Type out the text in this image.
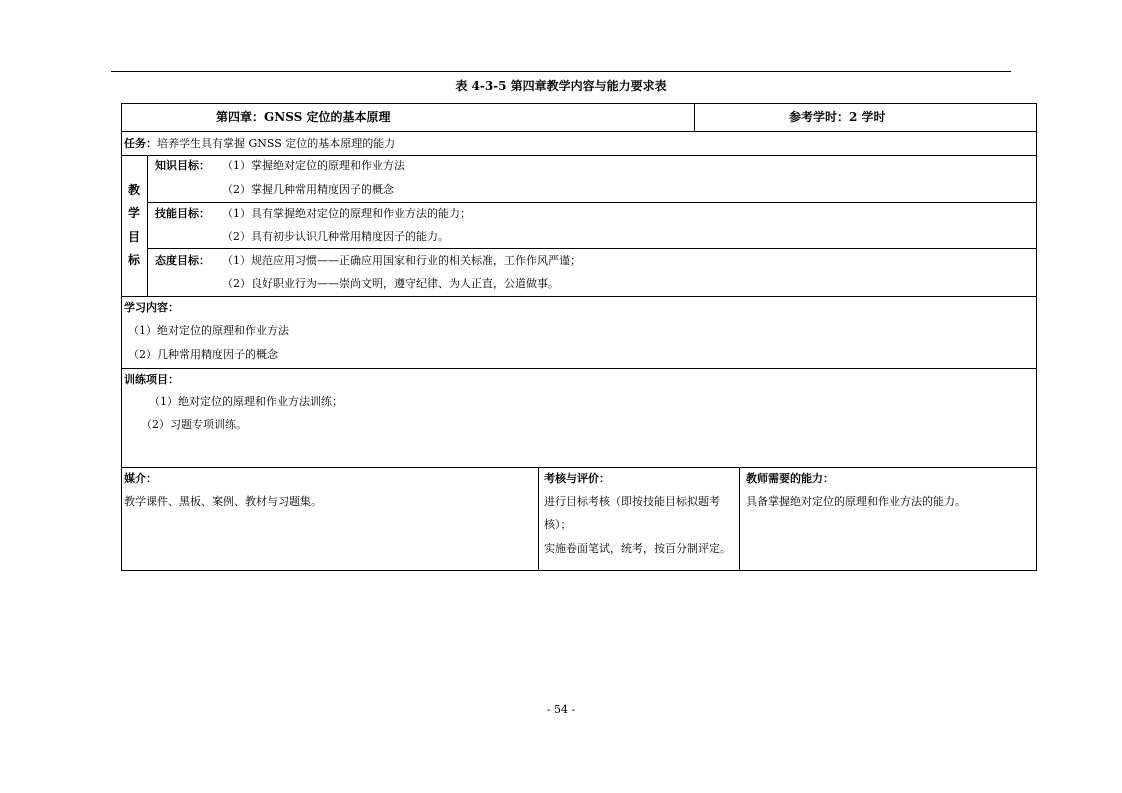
表 4-3-5 第四章教学内容与能力要求表
第四章：GNSS 定位的基本原理	参考学时：2 学时
任务：培养学生具有掌握 GNSS 定位的基本原理的能力
教
学
目
标
知识目标： （1）掌握绝对定位的原理和作业方法
（2）掌握几种常用精度因子的概念
技能目标： （1）具有掌握绝对定位的原理和作业方法的能力；
（2）具有初步认识几种常用精度因子的能力。
态度目标： （1）规范应用习惯——正确应用国家和行业的相关标准，工作作风严谨；
（2）良好职业行为——崇尚文明，遵守纪律、为人正直，公道做事。
学习内容：
（1）绝对定位的原理和作业方法
（2）几种常用精度因子的概念
训练项目：
（1）绝对定位的原理和作业方法训练；
（2）习题专项训练。
媒介：
教学课件、黑板、案例、教材与习题集。
考核与评价：
进行目标考核（即按技能目标拟题考
核）；
实施卷面笔试，统考，按百分制评定。
教师需要的能力：
具备掌握绝对定位的原理和作业方法的能力。
- 54 -
